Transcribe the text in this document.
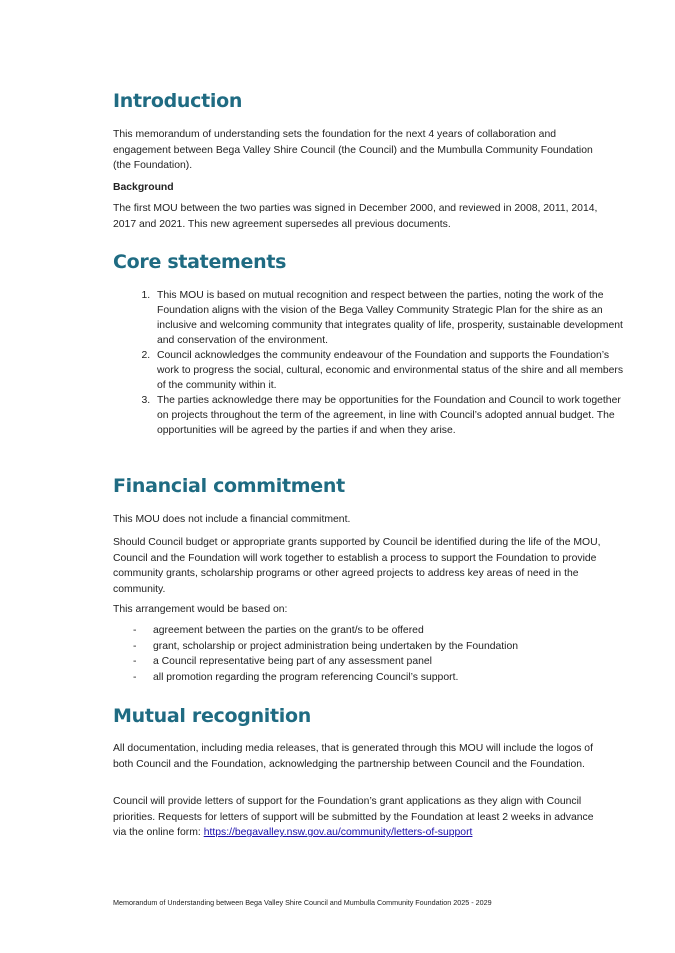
Introduction

This memorandum of understanding sets the foundation for the next 4 years of collaboration and engagement between Bega Valley Shire Council (the Council) and the Mumbulla Community Foundation (the Foundation).

Background

The first MOU between the two parties was signed in December 2000, and reviewed in 2008, 2011, 2014, 2017 and 2021. This new agreement supersedes all previous documents.

Core statements
1. This MOU is based on mutual recognition and respect between the parties, noting the work of the Foundation aligns with the vision of the Bega Valley Community Strategic Plan for the shire as an inclusive and welcoming community that integrates quality of life, prosperity, sustainable development and conservation of the environment.
2. Council acknowledges the community endeavour of the Foundation and supports the Foundation’s work to progress the social, cultural, economic and environmental status of the shire and all members of the community within it.
3. The parties acknowledge there may be opportunities for the Foundation and Council to work together on projects throughout the term of the agreement, in line with Council’s adopted annual budget. The opportunities will be agreed by the parties if and when they arise.
Financial commitment

This MOU does not include a financial commitment.

Should Council budget or appropriate grants supported by Council be identified during the life of the MOU, Council and the Foundation will work together to establish a process to support the Foundation to provide community grants, scholarship programs or other agreed projects to address key areas of need in the community.

This arrangement would be based on:

- agreement between the parties on the grant/s to be offered
- grant, scholarship or project administration being undertaken by the Foundation
- a Council representative being part of any assessment panel
- all promotion regarding the program referencing Council’s support.
Mutual recognition

All documentation, including media releases, that is generated through this MOU will include the logos of both Council and the Foundation, acknowledging the partnership between Council and the Foundation.

Council will provide letters of support for the Foundation’s grant applications as they align with Council priorities. Requests for letters of support will be submitted by the Foundation at least 2 weeks in advance via the online form: https://begavalley.nsw.gov.au/community/letters-of-support

Memorandum of Understanding between Bega Valley Shire Council and Mumbulla Community Foundation 2025 - 2029
